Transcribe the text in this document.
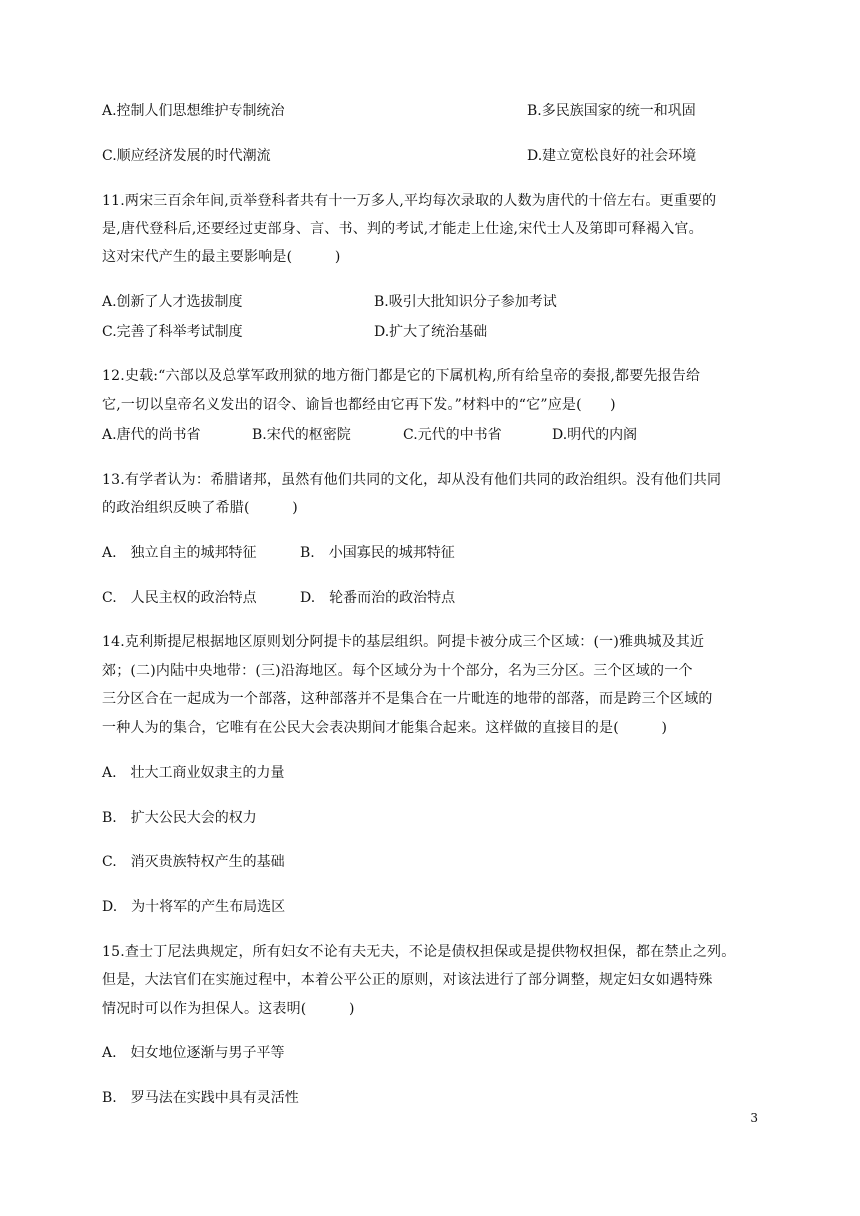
A.控制人们思想维护专制统治	B.多民族国家的统一和巩固
C.顺应经济发展的时代潮流	D.建立宽松良好的社会环境
11.两宋三百余年间,贡举登科者共有十一万多人,平均每次录取的人数为唐代的十倍左右。更重要的
是,唐代登科后,还要经过吏部身、言、书、判的考试,才能走上仕途,宋代士人及第即可释褐入官。
这对宋代产生的最主要影响是(　　　)
A.创新了人才选拔制度	B.吸引大批知识分子参加考试
C.完善了科举考试制度	D.扩大了统治基础
12.史载:“六部以及总掌军政刑狱的地方衙门都是它的下属机构,所有给皇帝的奏报,都要先报告给
它,一切以皇帝名义发出的诏令、谕旨也都经由它再下发。”材料中的“它”应是(　　)
A.唐代的尚书省	B.宋代的枢密院	C.元代的中书省	D.明代的内阁
13.有学者认为：希腊诸邦，虽然有他们共同的文化，却从没有他们共同的政治组织。没有他们共同
的政治组织反映了希腊(　　　)
A.　独立自主的城邦特征	B.　小国寡民的城邦特征
C.　人民主权的政治特点	D.　轮番而治的政治特点
14.克利斯提尼根据地区原则划分阿提卡的基层组织。阿提卡被分成三个区域：(一)雅典城及其近
郊；(二)内陆中央地带：(三)沿海地区。每个区域分为十个部分，名为三分区。三个区域的一个
三分区合在一起成为一个部落，这种部落并不是集合在一片毗连的地带的部落，而是跨三个区域的
一种人为的集合，它唯有在公民大会表决期间才能集合起来。这样做的直接目的是(　　　)
A.　壮大工商业奴隶主的力量
B.　扩大公民大会的权力
C.　消灭贵族特权产生的基础
D.　为十将军的产生布局选区
15.查士丁尼法典规定，所有妇女不论有夫无夫，不论是债权担保或是提供物权担保，都在禁止之列。
但是，大法官们在实施过程中，本着公平公正的原则，对该法进行了部分调整，规定妇女如遇特殊
情况时可以作为担保人。这表明(　　　)
A.　妇女地位逐渐与男子平等
B.　罗马法在实践中具有灵活性
3
